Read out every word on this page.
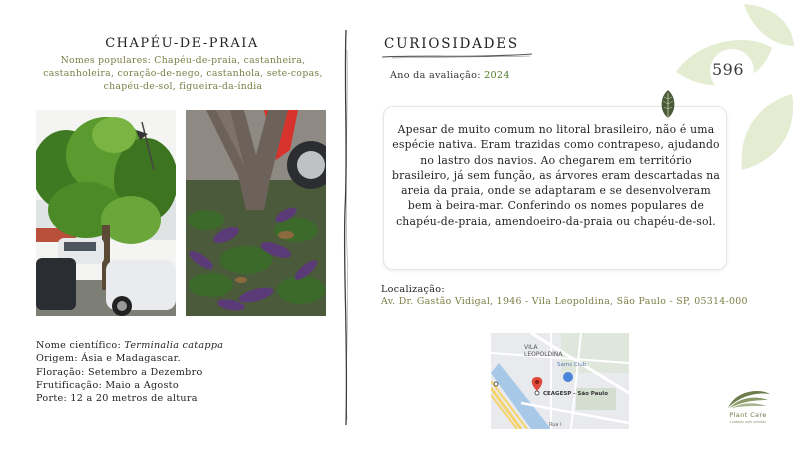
CHAPÉU-DE-PRAIA
Nomes populares: Chapéu-de-praia, castanheira, castanholeira, coração-de-nego, castanhola, sete-copas, chapéu-de-sol, figueira-da-índia
Nome científico: Terminalia catappa
Origem: Ásia e Madagascar.
Floração: Setembro a Dezembro
Frutificação: Maio a Agosto
Porte: 12 a 20 metros de altura
CURIOSIDADES
Ano da avaliação: 2024
Apesar de muito comum no litoral brasileiro, não é uma espécie nativa. Eram trazidas como contrapeso, ajudando no lastro dos navios. Ao chegarem em território brasileiro, já sem função, as árvores eram descartadas na areia da praia, onde se adaptaram e se desenvolveram bem à beira-mar. Conferindo os nomes populares de chapéu-de-praia, amendoeiro-da-praia ou chapéu-de-sol.
Localização:
Av. Dr. Gastão Vidigal, 1946 - Vila Leopoldina, São Paulo - SP, 05314-000
VILA
LEOPOLDINA
Sams Club
CEAGESP - São Paulo
Rua I
596
Plant Care
cuidado com plantas
